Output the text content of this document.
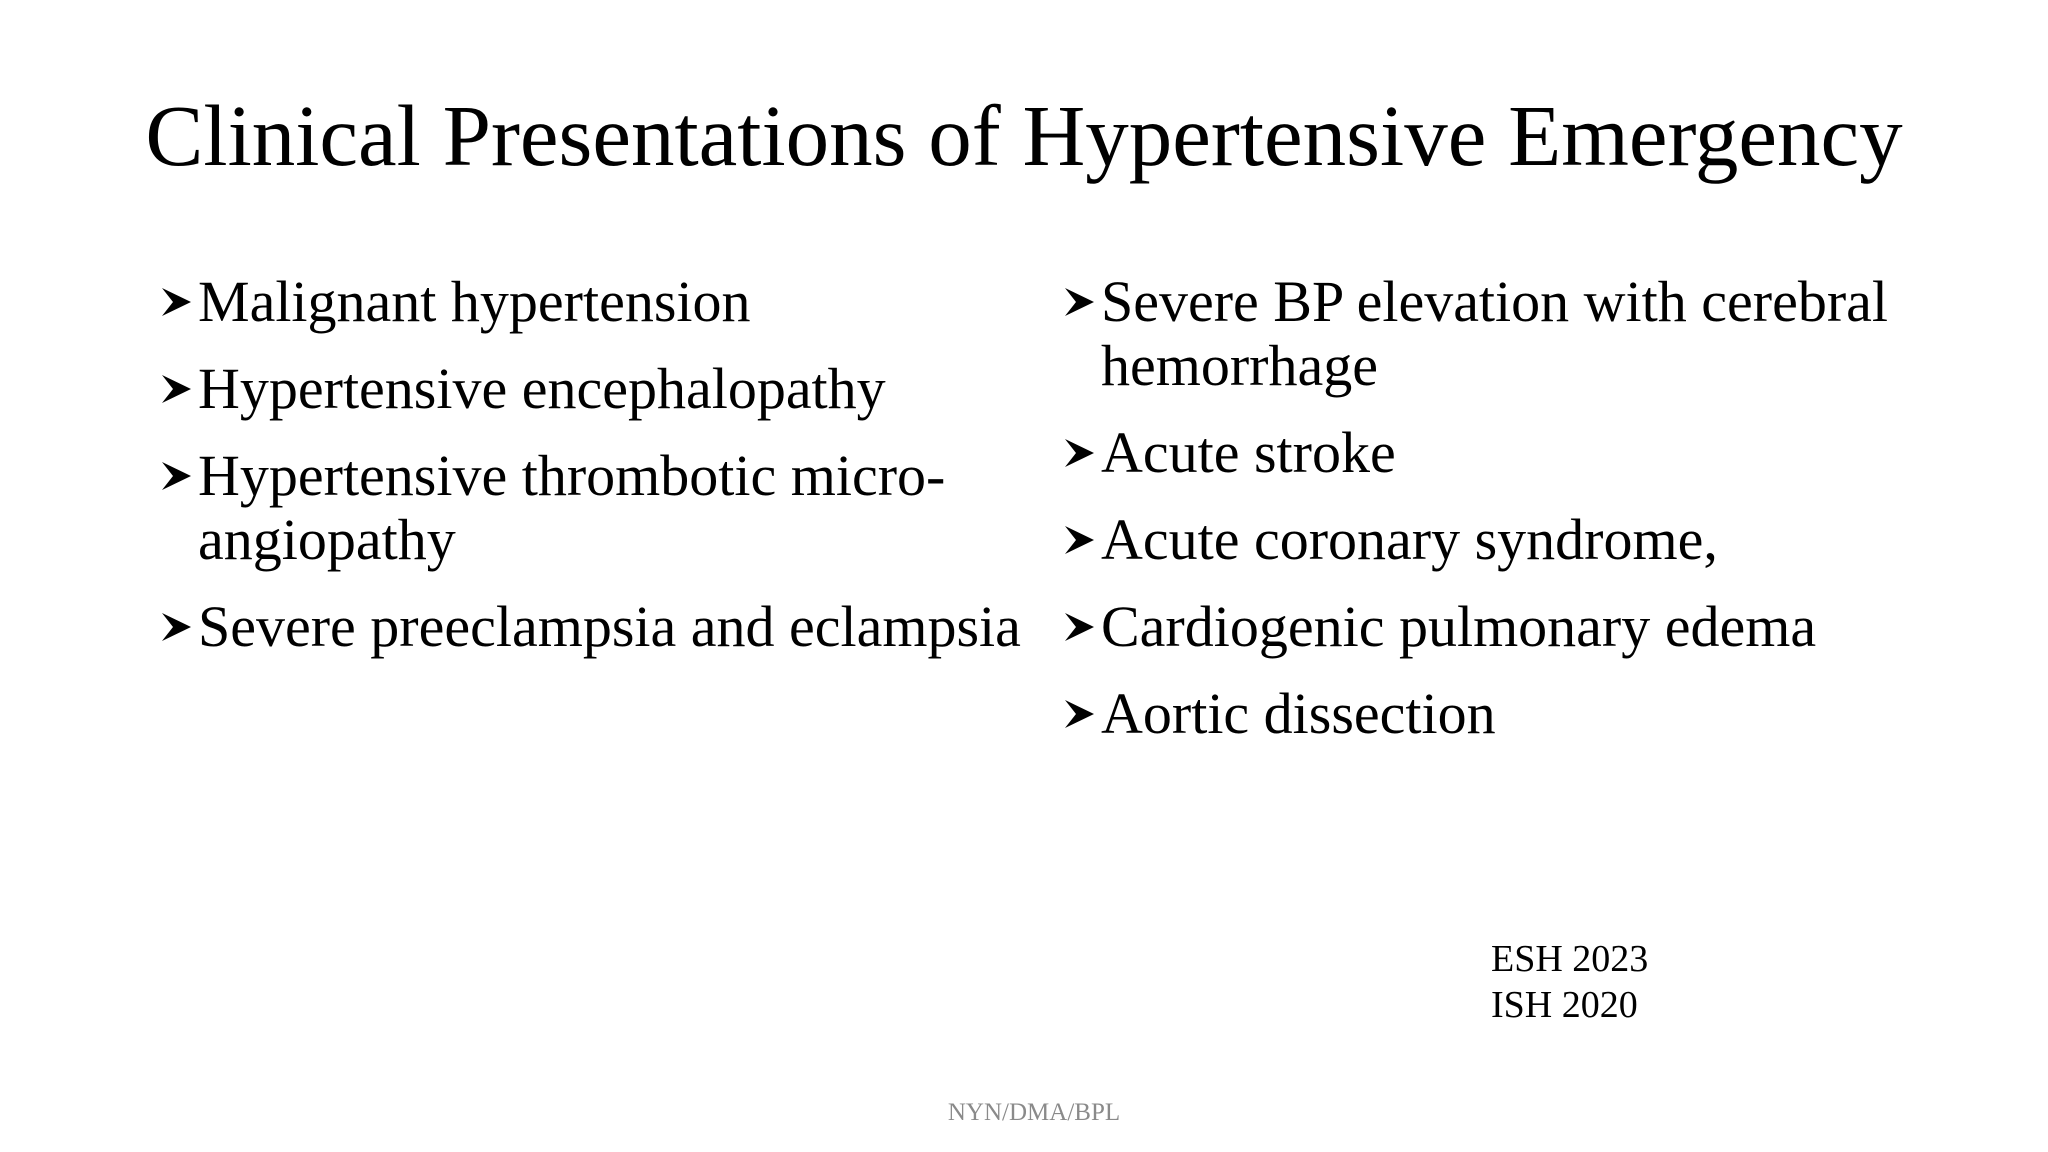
Clinical Presentations of Hypertensive Emergency
Malignant hypertension
Hypertensive encephalopathy
Hypertensive thrombotic micro-angiopathy
Severe preeclampsia and eclampsia
Severe BP elevation with cerebral hemorrhage
Acute stroke
Acute coronary syndrome,
Cardiogenic pulmonary edema
Aortic dissection
ESH 2023
ISH 2020
NYN/DMA/BPL
